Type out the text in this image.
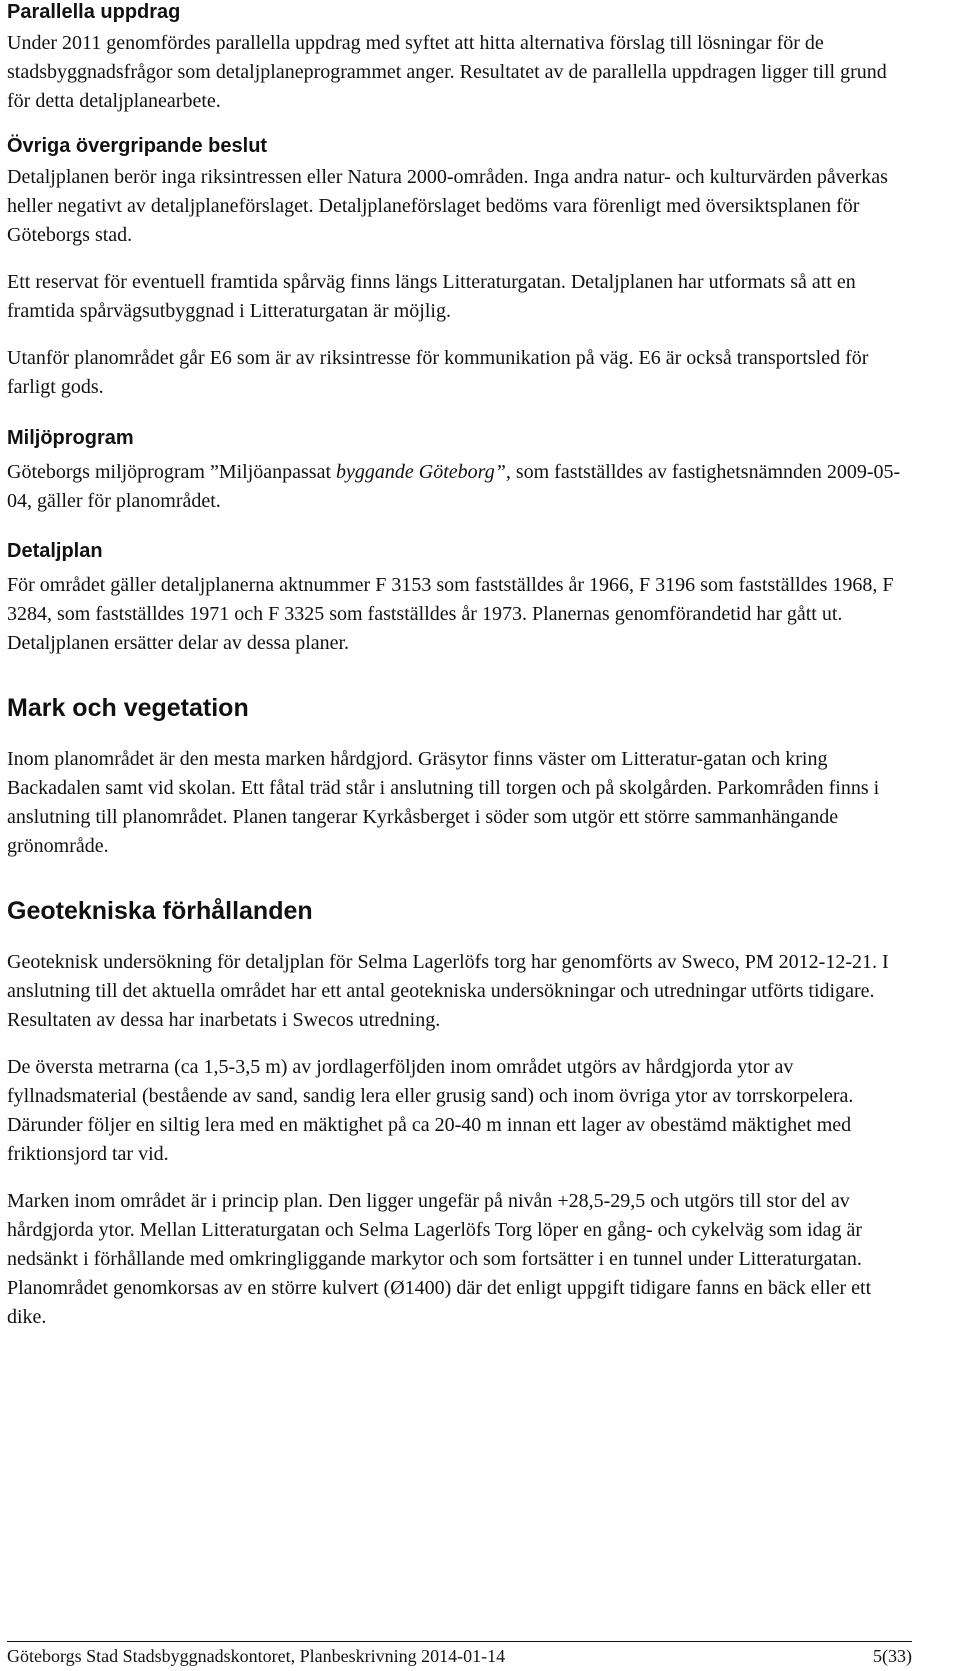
Parallella uppdrag

Under 2011 genomfördes parallella uppdrag med syftet att hitta alternativa förslag till lösningar för de stadsbyggnadsfrågor som detaljplaneprogrammet anger. Resultatet av de parallella uppdragen ligger till grund för detta detaljplanearbete.

Övriga övergripande beslut

Detaljplanen berör inga riksintressen eller Natura 2000-områden. Inga andra natur- och kulturvärden påverkas heller negativt av detaljplaneförslaget. Detaljplaneförslaget bedöms vara förenligt med översiktsplanen för Göteborgs stad.

Ett reservat för eventuell framtida spårväg finns längs Litteraturgatan. Detaljplanen har utformats så att en framtida spårvägsutbyggnad i Litteraturgatan är möjlig.

Utanför planområdet går E6 som är av riksintresse för kommunikation på väg. E6 är också transportsled för farligt gods.

Miljöprogram

Göteborgs miljöprogram ”Miljöanpassat byggande Göteborg”, som fastställdes av fastighetsnämnden 2009-05-04, gäller för planområdet.

Detaljplan

För området gäller detaljplanerna aktnummer F 3153 som fastställdes år 1966, F 3196 som fastställdes 1968, F 3284, som fastställdes 1971 och F 3325 som fastställdes år 1973. Planernas genomförandetid har gått ut. Detaljplanen ersätter delar av dessa planer.

Mark och vegetation

Inom planområdet är den mesta marken hårdgjord. Gräsytor finns väster om Litteratur-gatan och kring Backadalen samt vid skolan. Ett fåtal träd står i anslutning till torgen och på skolgården. Parkområden finns i anslutning till planområdet. Planen tangerar Kyrkåsberget i söder som utgör ett större sammanhängande grönområde.

Geotekniska förhållanden

Geoteknisk undersökning för detaljplan för Selma Lagerlöfs torg har genomförts av Sweco, PM 2012-12-21. I anslutning till det aktuella området har ett antal geotekniska undersökningar och utredningar utförts tidigare. Resultaten av dessa har inarbetats i Swecos utredning.

De översta metrarna (ca 1,5-3,5 m) av jordlagerföljden inom området utgörs av hårdgjorda ytor av fyllnadsmaterial (bestående av sand, sandig lera eller grusig sand) och inom övriga ytor av torrskorpelera. Därunder följer en siltig lera med en mäktighet på ca 20-40 m innan ett lager av obestämd mäktighet med friktionsjord tar vid.

Marken inom området är i princip plan. Den ligger ungefär på nivån +28,5-29,5 och utgörs till stor del av hårdgjorda ytor. Mellan Litteraturgatan och Selma Lagerlöfs Torg löper en gång- och cykelväg som idag är nedsänkt i förhållande med omkringliggande markytor och som fortsätter i en tunnel under Litteraturgatan. Planområdet genomkorsas av en större kulvert (Ø1400) där det enligt uppgift tidigare fanns en bäck eller ett dike.

Göteborgs Stad Stadsbyggnadskontoret, Planbeskrivning 2014-01-14	5(33)
